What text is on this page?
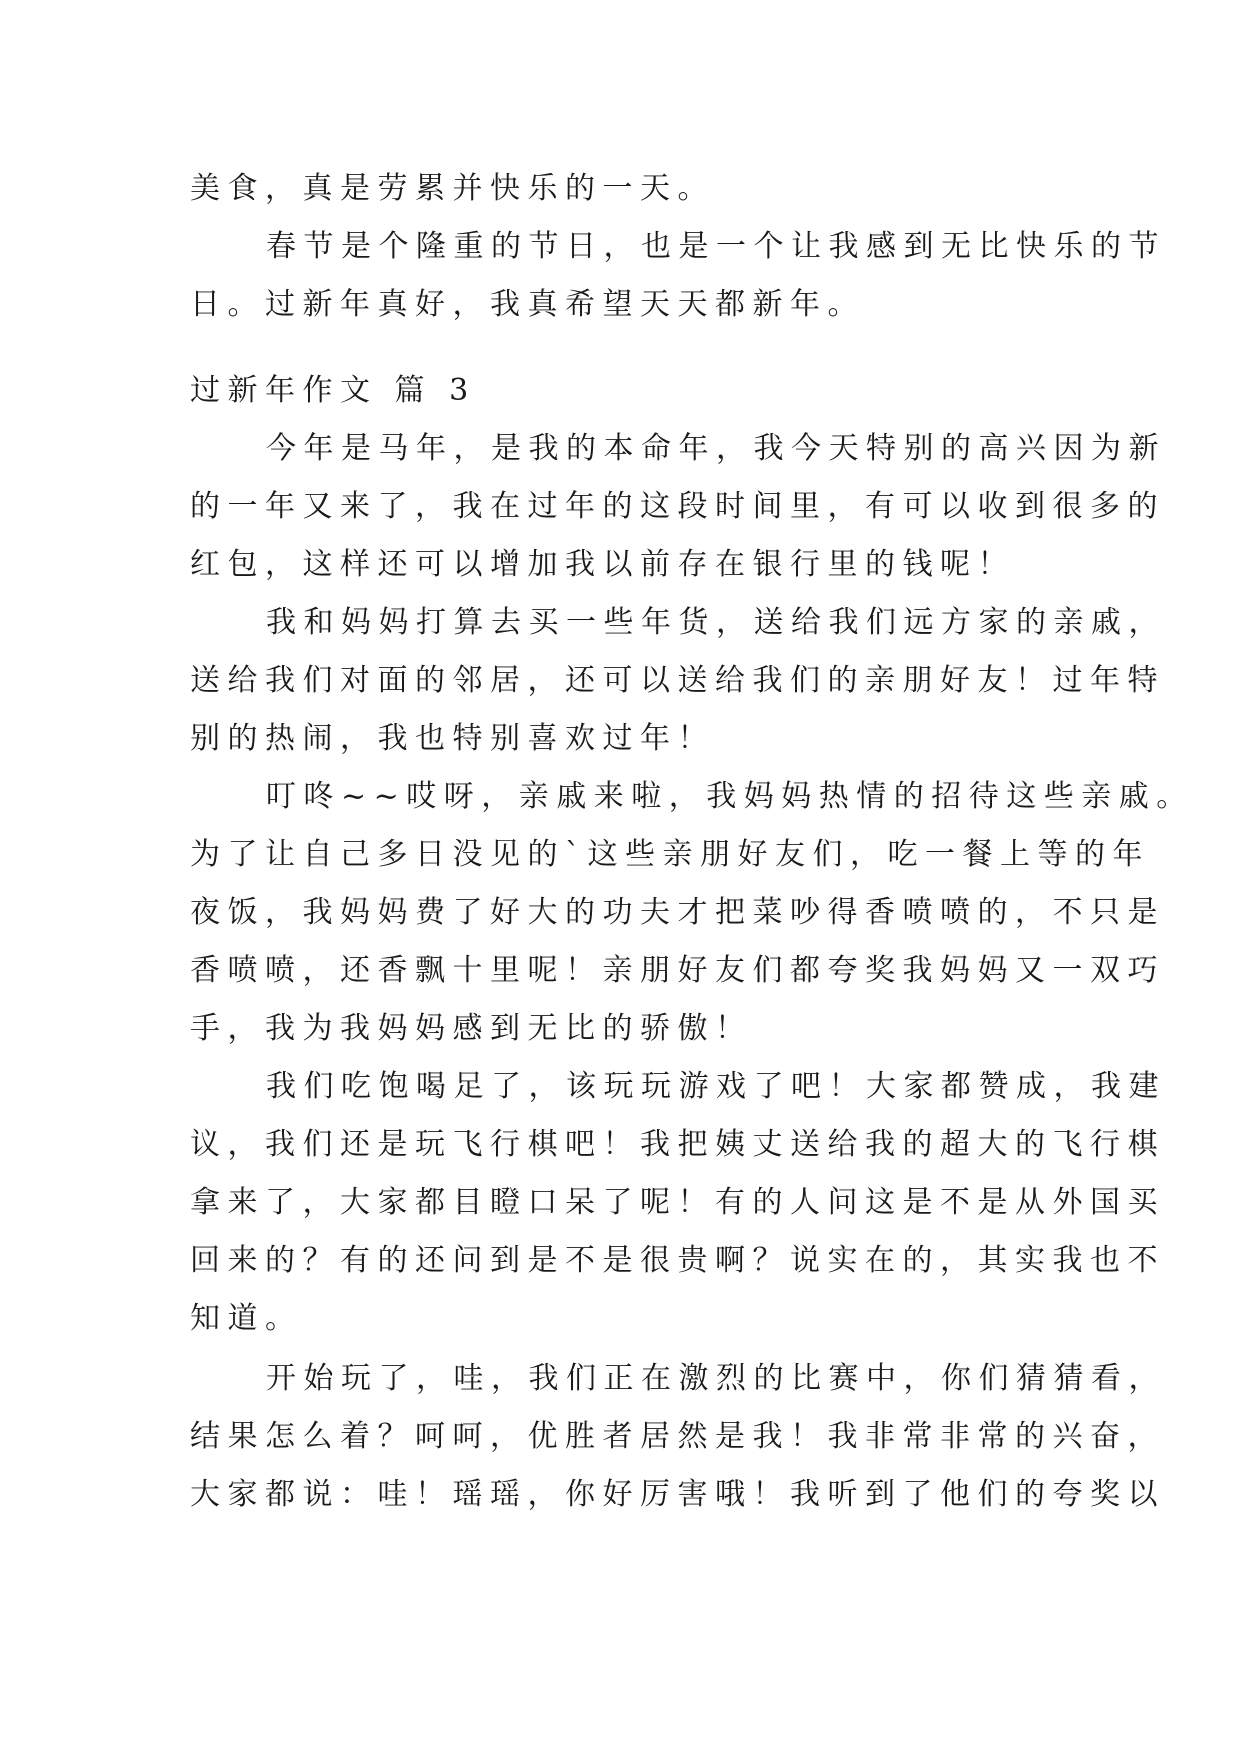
美食，真是劳累并快乐的一天。
春节是个隆重的节日，也是一个让我感到无比快乐的节
日。过新年真好，我真希望天天都新年。
过新年作文 篇 3
今年是马年，是我的本命年，我今天特别的高兴因为新
的一年又来了，我在过年的这段时间里，有可以收到很多的
红包，这样还可以增加我以前存在银行里的钱呢！
我和妈妈打算去买一些年货，送给我们远方家的亲戚，
送给我们对面的邻居，还可以送给我们的亲朋好友！过年特
别的热闹，我也特别喜欢过年！
叮咚~~哎呀，亲戚来啦，我妈妈热情的招待这些亲戚。
为了让自己多日没见的`这些亲朋好友们，吃一餐上等的年
夜饭，我妈妈费了好大的功夫才把菜吵得香喷喷的，不只是
香喷喷，还香飘十里呢！亲朋好友们都夸奖我妈妈又一双巧
手，我为我妈妈感到无比的骄傲！
我们吃饱喝足了，该玩玩游戏了吧！大家都赞成，我建
议，我们还是玩飞行棋吧！我把姨丈送给我的超大的飞行棋
拿来了，大家都目瞪口呆了呢！有的人问这是不是从外国买
回来的？有的还问到是不是很贵啊？说实在的，其实我也不
知道。
开始玩了，哇，我们正在激烈的比赛中，你们猜猜看，
结果怎么着？呵呵，优胜者居然是我！我非常非常的兴奋，
大家都说：哇！瑶瑶，你好厉害哦！我听到了他们的夸奖以
